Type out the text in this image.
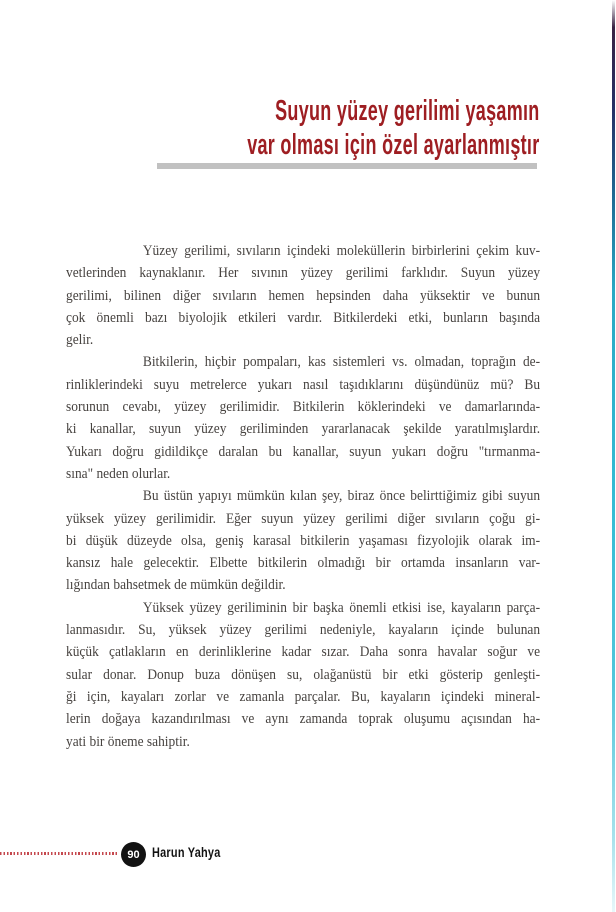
Suyun yüzey gerilimi yaşamın
var olması için özel ayarlanmıştır
Yüzey gerilimi, sıvıların içindeki moleküllerin birbirlerini çekim kuv-
vetlerinden kaynaklanır. Her sıvının yüzey gerilimi farklıdır. Suyun yüzey
gerilimi, bilinen diğer sıvıların hemen hepsinden daha yüksektir ve bunun
çok önemli bazı biyolojik etkileri vardır. Bitkilerdeki etki, bunların başında
gelir.
Bitkilerin, hiçbir pompaları, kas sistemleri vs. olmadan, toprağın de-
rinliklerindeki suyu metrelerce yukarı nasıl taşıdıklarını düşündünüz mü? Bu
sorunun cevabı, yüzey gerilimidir. Bitkilerin köklerindeki ve damarlarında-
ki kanallar, suyun yüzey geriliminden yararlanacak şekilde yaratılmışlardır.
Yukarı doğru gidildikçe daralan bu kanallar, suyun yukarı doğru "tırmanma-
sına" neden olurlar.
Bu üstün yapıyı mümkün kılan şey, biraz önce belirttiğimiz gibi suyun
yüksek yüzey gerilimidir. Eğer suyun yüzey gerilimi diğer sıvıların çoğu gi-
bi düşük düzeyde olsa, geniş karasal bitkilerin yaşaması fizyolojik olarak im-
kansız hale gelecektir. Elbette bitkilerin olmadığı bir ortamda insanların var-
lığından bahsetmek de mümkün değildir.
Yüksek yüzey geriliminin bir başka önemli etkisi ise, kayaların parça-
lanmasıdır. Su, yüksek yüzey gerilimi nedeniyle, kayaların içinde bulunan
küçük çatlakların en derinliklerine kadar sızar. Daha sonra havalar soğur ve
sular donar. Donup buza dönüşen su, olağanüstü bir etki gösterip genleşti-
ği için, kayaları zorlar ve zamanla parçalar. Bu, kayaların içindeki mineral-
lerin doğaya kazandırılması ve aynı zamanda toprak oluşumu açısından ha-
yati bir öneme sahiptir.
90 Harun Yahya
